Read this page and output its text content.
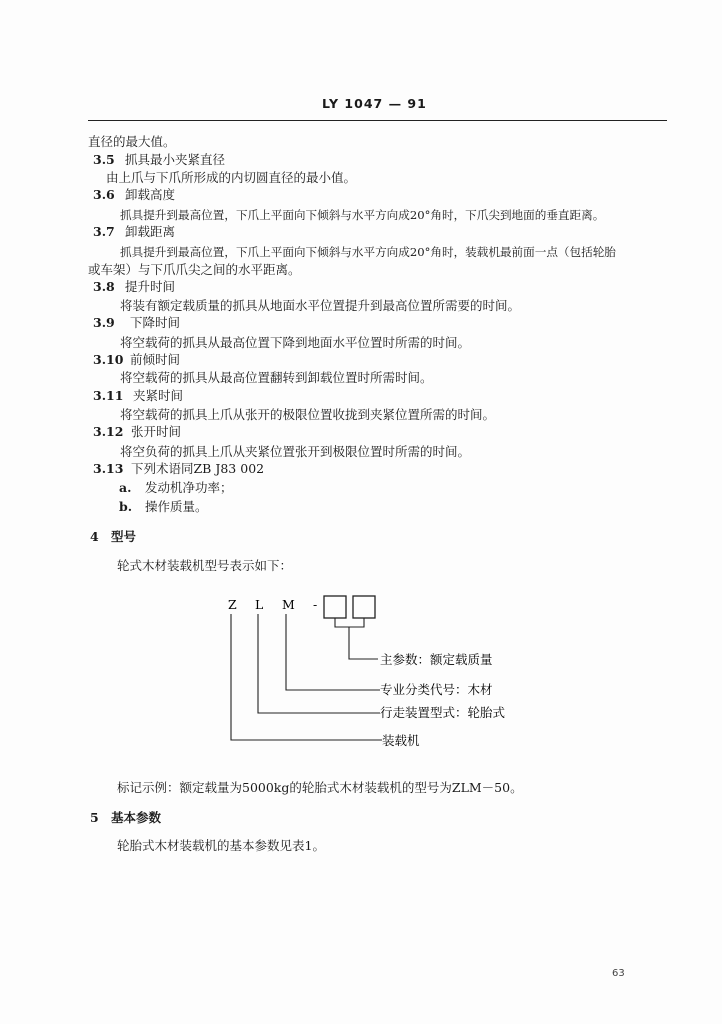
LY 1047 — 91
直径的最大值。
3.5 抓具最小夹紧直径
由上爪与下爪所形成的内切圆直径的最小值。
3.6 卸载高度
抓具提升到最高位置，下爪上平面向下倾斜与水平方向成20°角时，下爪尖到地面的垂直距离。
3.7 卸载距离
抓具提升到最高位置，下爪上平面向下倾斜与水平方向成20°角时，装载机最前面一点（包括轮胎
或车架）与下爪爪尖之间的水平距离。
3.8 提升时间
将装有额定载质量的抓具从地面水平位置提升到最高位置所需要的时间。
3.9 下降时间
将空载荷的抓具从最高位置下降到地面水平位置时所需的时间。
3.10 前倾时间
将空载荷的抓具从最高位置翻转到卸载位置时所需时间。
3.11 夹紧时间
将空载荷的抓具上爪从张开的极限位置收拢到夹紧位置所需的时间。
3.12 张开时间
将空负荷的抓具上爪从夹紧位置张开到极限位置时所需的时间。
3.13 下列术语同ZB J83 002
a. 发动机净功率；
b. 操作质量。
4 型号
轮式木材装载机型号表示如下：
Z L M -
主参数：额定载质量
专业分类代号：木材
行走装置型式：轮胎式
装载机
标记示例：额定载量为5000kg的轮胎式木材装载机的型号为ZLM－50。
5 基本参数
轮胎式木材装载机的基本参数见表1。
63
